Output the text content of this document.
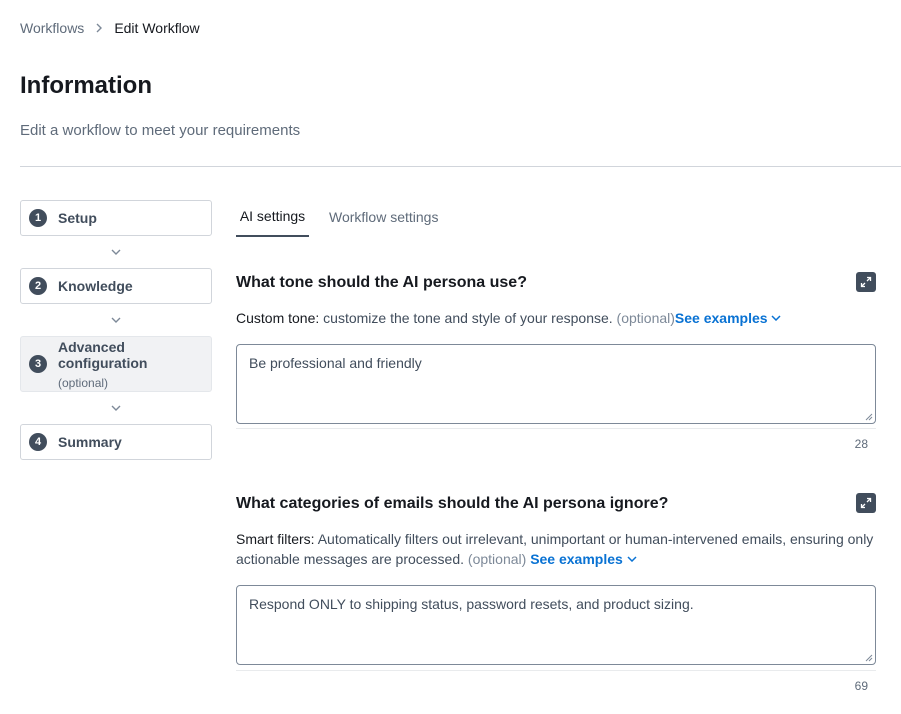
Workflows Edit Workflow
Information
Edit a workflow to meet your requirements
1	Setup
2	Knowledge
3
Advanced configuration
(optional)
4	Summary
AI settings Workflow settings
What tone should the AI persona use?
Custom tone: customize the tone and style of your response. (optional)See examples
Be professional and friendly
28
What categories of emails should the AI persona ignore?
Smart filters: Automatically filters out irrelevant, unimportant or human-intervened emails, ensuring only actionable messages are processed. (optional) See examples
Respond ONLY to shipping status, password resets, and product sizing.
69
